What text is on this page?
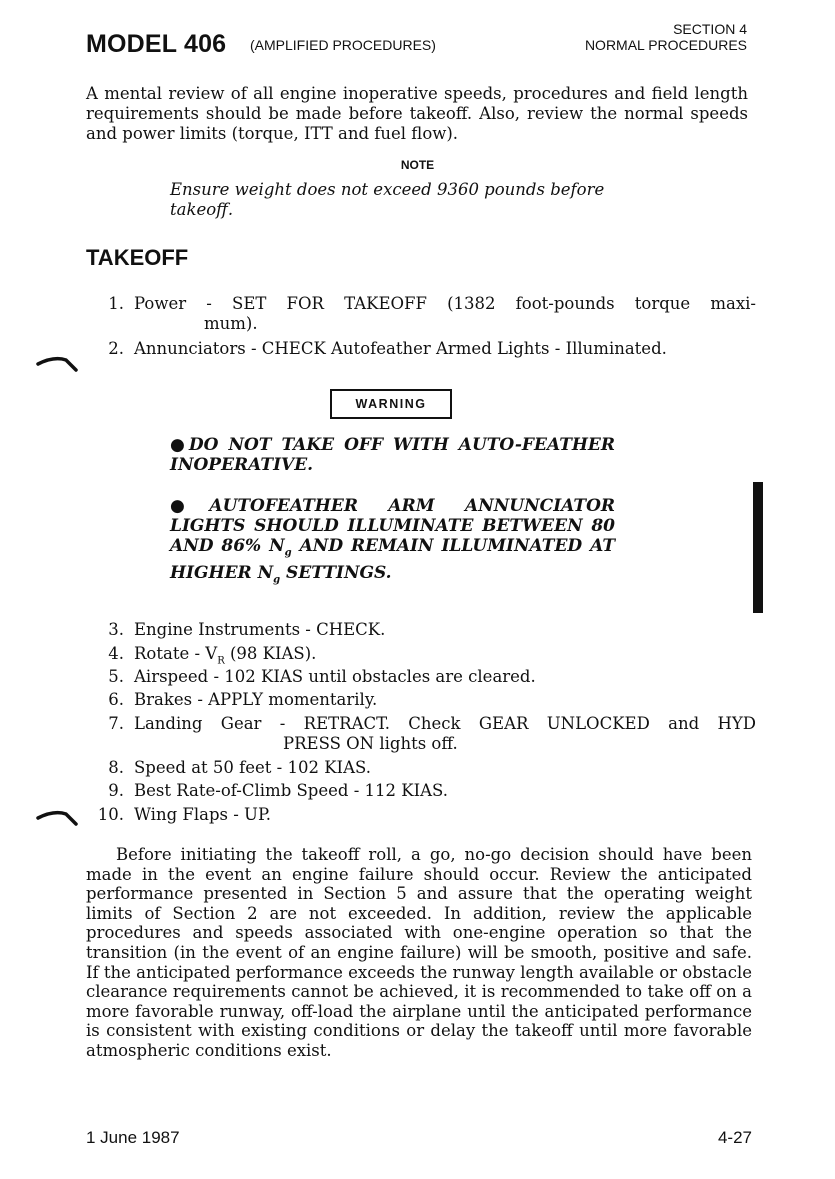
MODEL 406 (AMPLIFIED PROCEDURES)
SECTION 4
NORMAL PROCEDURES
A mental review of all engine inoperative speeds, procedures and field length requirements should be made before takeoff. Also, review the normal speeds and power limits (torque, ITT and fuel flow).
NOTE
Ensure weight does not exceed 9360 pounds before takeoff.
TAKEOFF
1. Power - SET FOR TAKEOFF (1382 foot-pounds torque maxi-
mum).
2. Annunciators - CHECK Autofeather Armed Lights - Illuminated.
WARNING
●DO NOT TAKE OFF WITH AUTO-FEATHER INOPERATIVE.
●AUTOFEATHER ARM ANNUNCIATOR LIGHTS SHOULD ILLUMINATE BETWEEN 80 AND 86% $N_g$ AND REMAIN ILLUMINATED AT HIGHER $N_g$ SETTINGS.
3. Engine Instruments - CHECK.
4. Rotate - $V_R$ (98 KIAS).
5. Airspeed - 102 KIAS until obstacles are cleared.
6. Brakes - APPLY momentarily.
7. Landing Gear - RETRACT. Check GEAR UNLOCKED and HYD
PRESS ON lights off.
8. Speed at 50 feet - 102 KIAS.
9. Best Rate-of-Climb Speed - 112 KIAS.
10. Wing Flaps - UP.
Before initiating the takeoff roll, a go, no-go decision should have been made in the event an engine failure should occur. Review the anticipated performance presented in Section 5 and assure that the operating weight limits of Section 2 are not exceeded. In addition, review the applicable procedures and speeds associated with one-engine operation so that the transition (in the event of an engine failure) will be smooth, positive and safe. If the anticipated performance exceeds the runway length available or obstacle clearance requirements cannot be achieved, it is recommended to take off on a more favorable runway, off-load the airplane until the anticipated performance is consistent with existing conditions or delay the takeoff until more favorable atmospheric conditions exist.
1 June 1987	4-27
